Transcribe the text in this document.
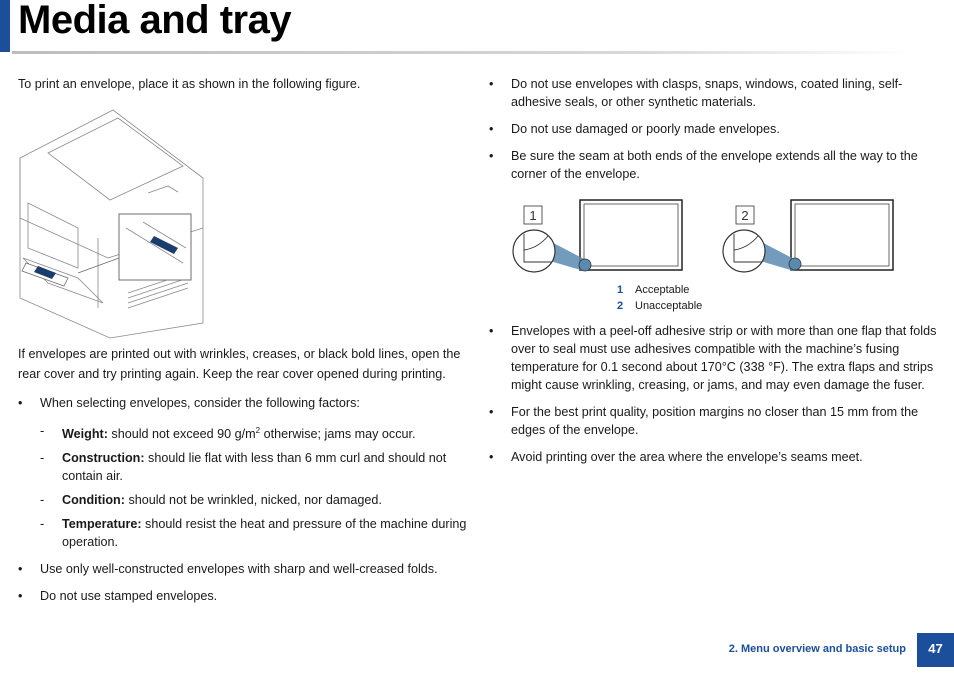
Media and tray

To print an envelope, place it as shown in the following figure.

If envelopes are printed out with wrinkles, creases, or black bold lines, open the rear cover and try printing again. Keep the rear cover opened during printing.

• When selecting envelopes, consider the following factors:

- Weight: should not exceed 90 $g/m^2$ otherwise; jams may occur.

- Construction: should lie flat with less than 6 mm curl and should not contain air.

- Condition: should not be wrinkled, nicked, nor damaged.

- Temperature: should resist the heat and pressure of the machine during operation.

• Use only well-constructed envelopes with sharp and well-creased folds.

• Do not use stamped envelopes.

• Do not use envelopes with clasps, snaps, windows, coated lining, self-adhesive seals, or other synthetic materials.

• Do not use damaged or poorly made envelopes.

• Be sure the seam at both ends of the envelope extends all the way to the corner of the envelope.

1	2
1 Acceptable
2 Unacceptable

• Envelopes with a peel-off adhesive strip or with more than one flap that folds over to seal must use adhesives compatible with the machine’s fusing temperature for 0.1 second about 170°C (338 °F). The extra flaps and strips might cause wrinkling, creasing, or jams, and may even damage the fuser.

• For the best print quality, position margins no closer than 15 mm from the edges of the envelope.

• Avoid printing over the area where the envelope’s seams meet.

2. Menu overview and basic setup	47
